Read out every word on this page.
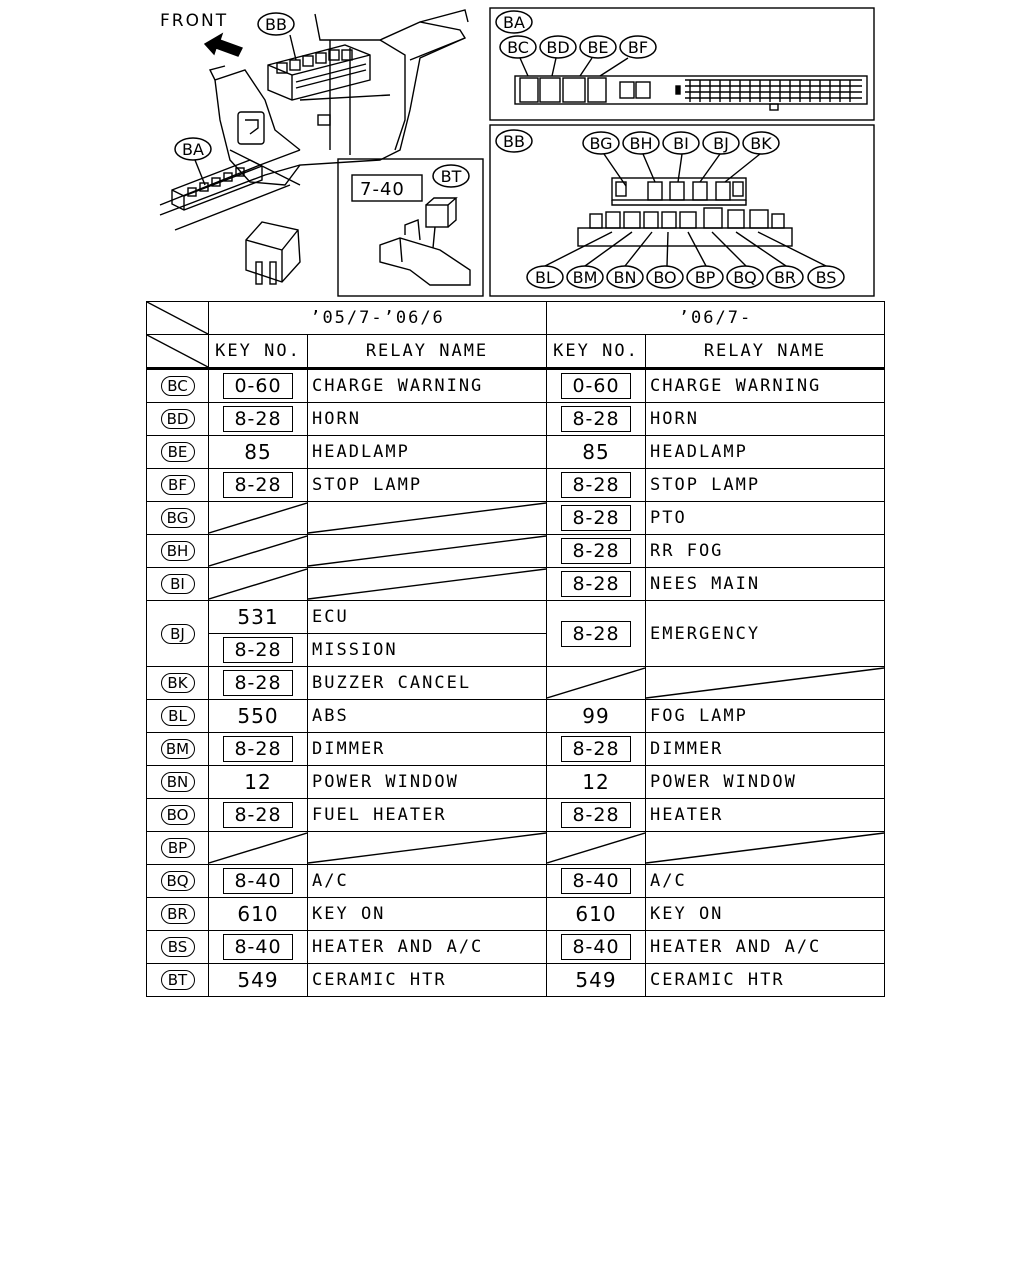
FRONT
7-40
BB
BA
BT
BC BD BE BF
BG BH BI BJ BK
BL BM BN BO BP BQ BR BS
BA
BB
	’05/7-’06/6		’06/7-	

	KEY NO.	RELAY NAME	KEY NO.	RELAY NAME
BC	0-60	CHARGE WARNING	0-60	CHARGE WARNING
BD	8-28	HORN	8-28	HORN
BE	85	HEADLAMP	85	HEADLAMP
BF	8-28	STOP LAMP	8-28	STOP LAMP
BG			8-28	PTO
BH			8-28	RR FOG
BI			8-28	NEES MAIN
BJ	531	ECU	8-28	EMERGENCY
	8-28	MISSION		
BK	8-28	BUZZER CANCEL	

BL	550	ABS	99	FOG LAMP
BM	8-28	DIMMER	8-28	DIMMER
BN	12	POWER WINDOW	12	POWER WINDOW
BO	8-28	FUEL HEATER	8-28	HEATER
BP	

BQ	8-40	A/C	8-40	A/C
BR	610	KEY ON	610	KEY ON
BS	8-40	HEATER AND A/C	8-40	HEATER AND A/C
BT	549	CERAMIC HTR	549	CERAMIC HTR
